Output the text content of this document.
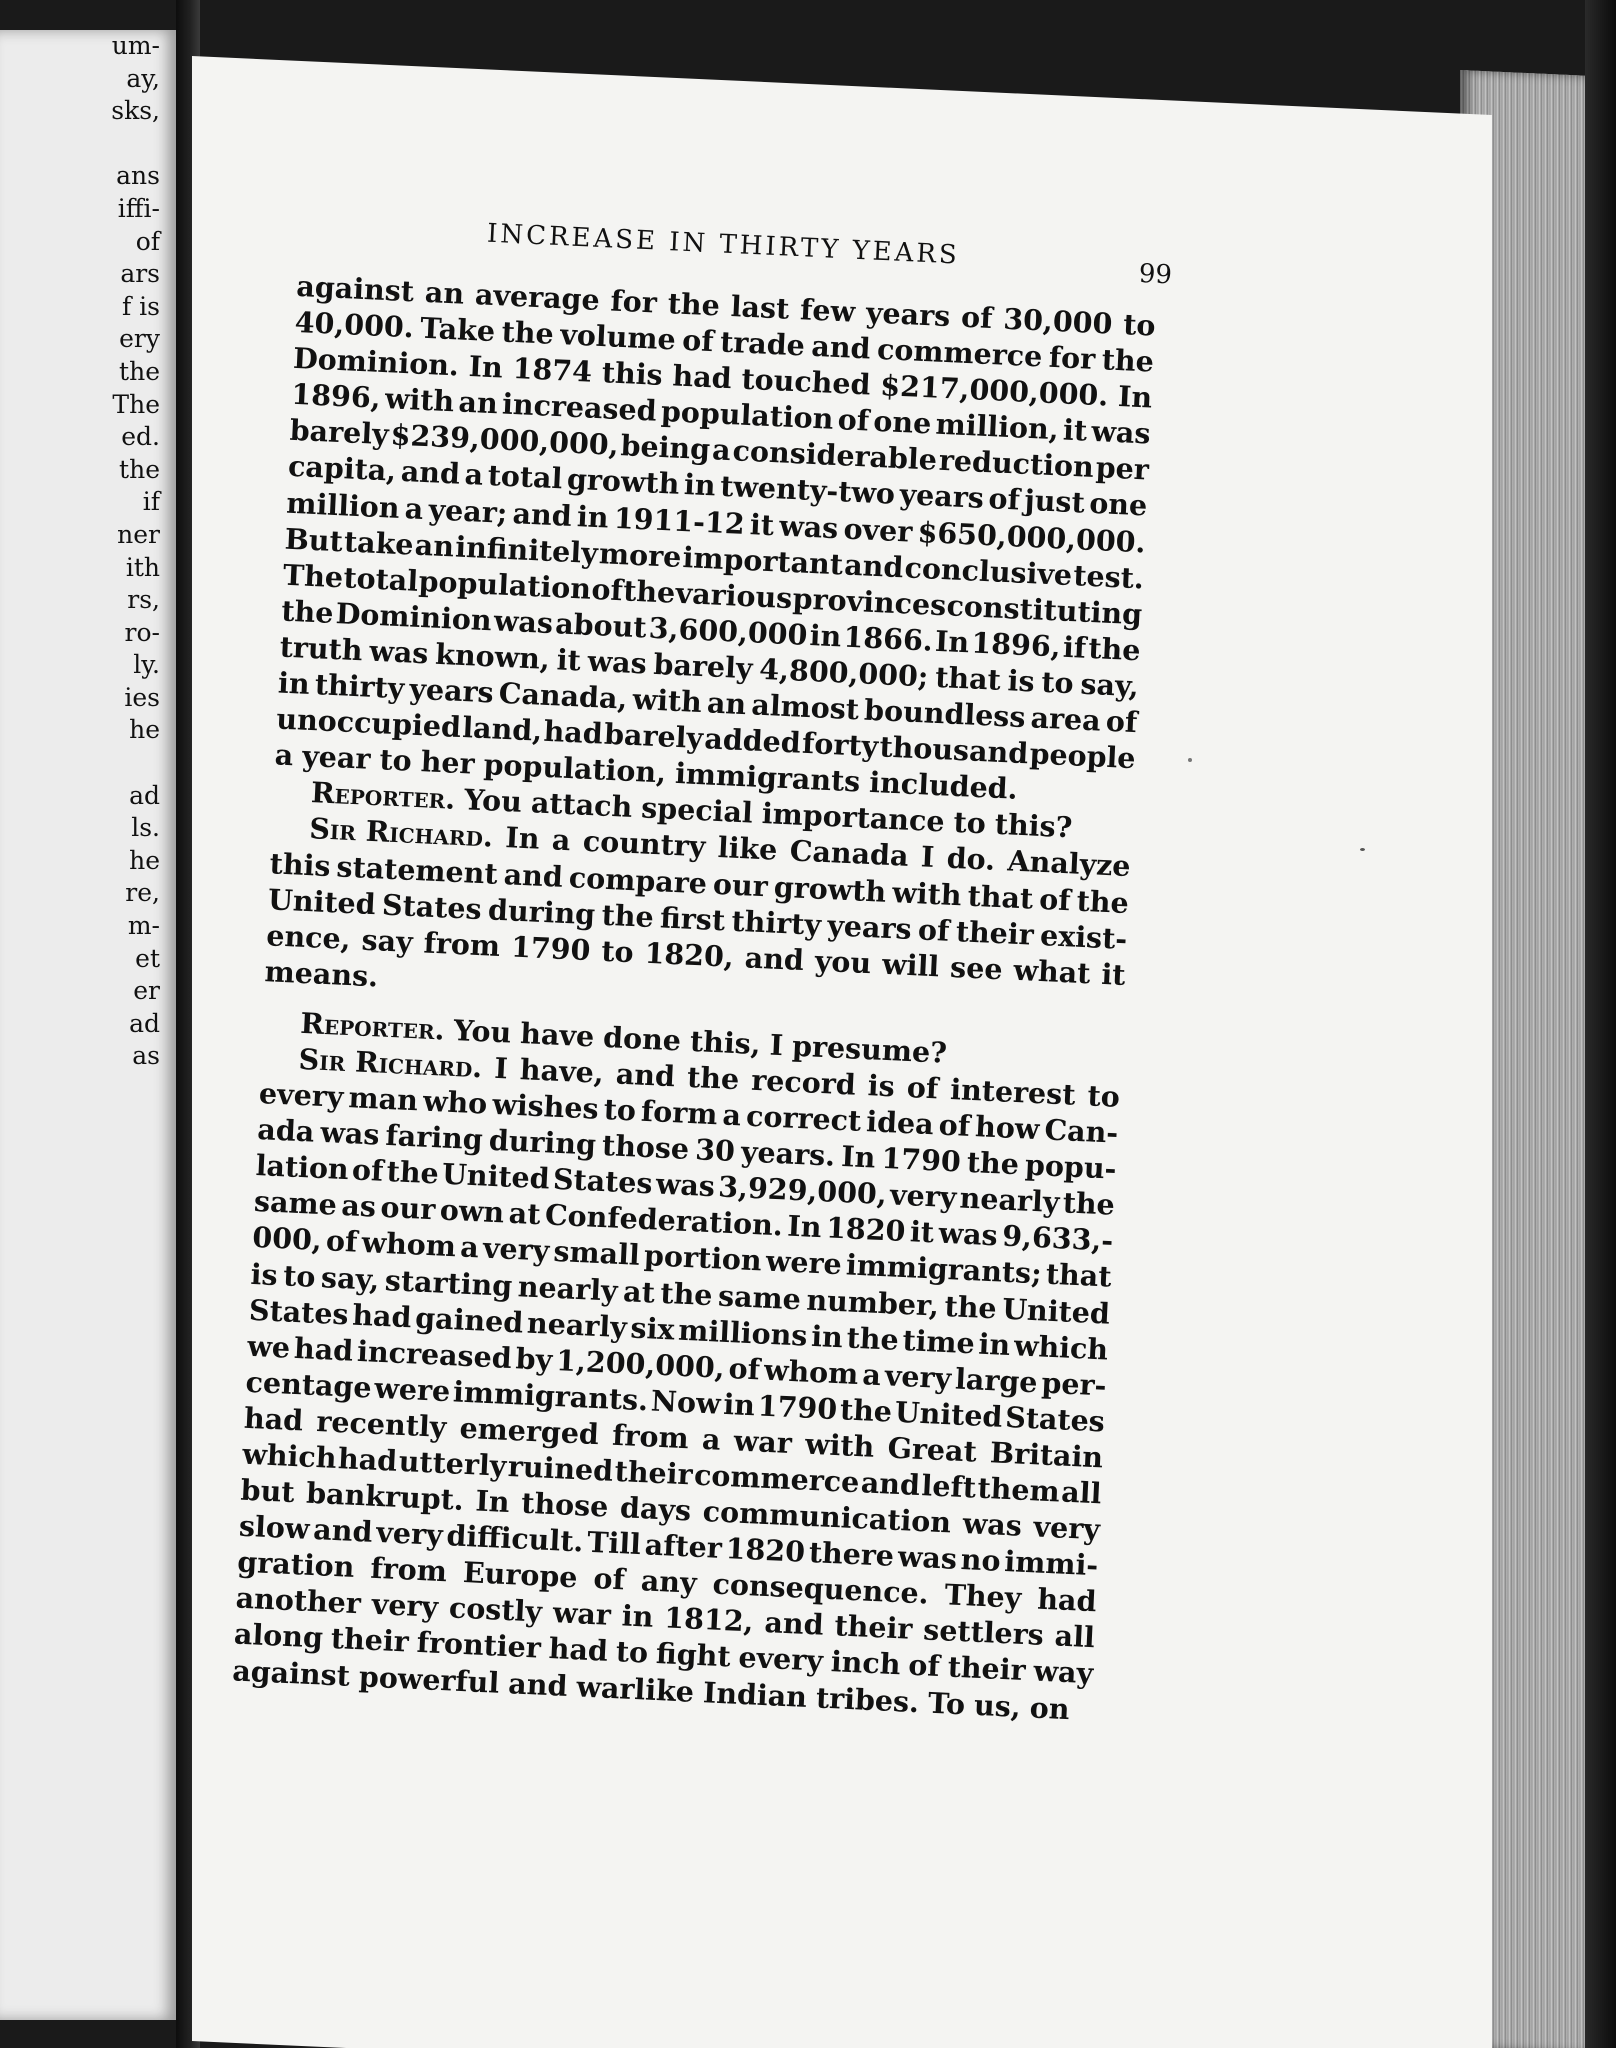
um-
ay,
sks,
ans
iffi-
of
ars
f is
ery
the
The
ed.
the
if
ner
ith
rs,
ro-
ly.
ies
he
ad
ls.
he
re,
m-
et
er
ad
as
INCREASE IN THIRTY YEARS
99
against an average for the last few years of 30,000 to
40,000. Take the volume of trade and commerce for the
Dominion. In 1874 this had touched $217,000,000. In
1896, with an increased population of one million, it was
barely $239,000,000, being a considerable reduction per
capita, and a total growth in twenty-two years of just one
million a year; and in 1911-12 it was over $650,000,000.
But take an infinitely more important and conclusive test.
The
total
population
of
the
various
provinces
constituting
the Dominion was about 3,600,000 in 1866. In 1896, if the
truth was known, it was barely 4,800,000; that is to say,
in thirty years Canada, with an almost boundless area of
unoccupied land, had barely added forty thousand people
a year to her population, immigrants included.
Reporter. You attach special importance to this?
Sir Richard. In a country like Canada I do. Analyze
this statement and compare our growth with that of the
United States during the first thirty years of their exist-
ence, say from 1790 to 1820, and you will see what it
means.
Reporter. You have done this, I presume?
Sir Richard. I have, and the record is of interest to
every man who wishes to form a correct idea of how Can-
ada was faring during those 30 years. In 1790 the popu-
lation of the United States was 3,929,000, very nearly the
same as our own at Confederation. In 1820 it was 9,633,-
000, of whom a very small portion were immigrants; that
is to say, starting nearly at the same number, the United
States had gained nearly six millions in the time in which
we had increased by 1,200,000, of whom a very large per-
centage were immigrants. Now in 1790 the United States
had recently emerged from a war with Great Britain
which had utterly ruined their commerce and left them all
but bankrupt. In those days communication was very
slow and very difficult. Till after 1820 there was no immi-
gration from Europe of any consequence. They had
another very costly war in 1812, and their settlers all
along their frontier had to fight every inch of their way
against powerful and warlike Indian tribes. To us, on
